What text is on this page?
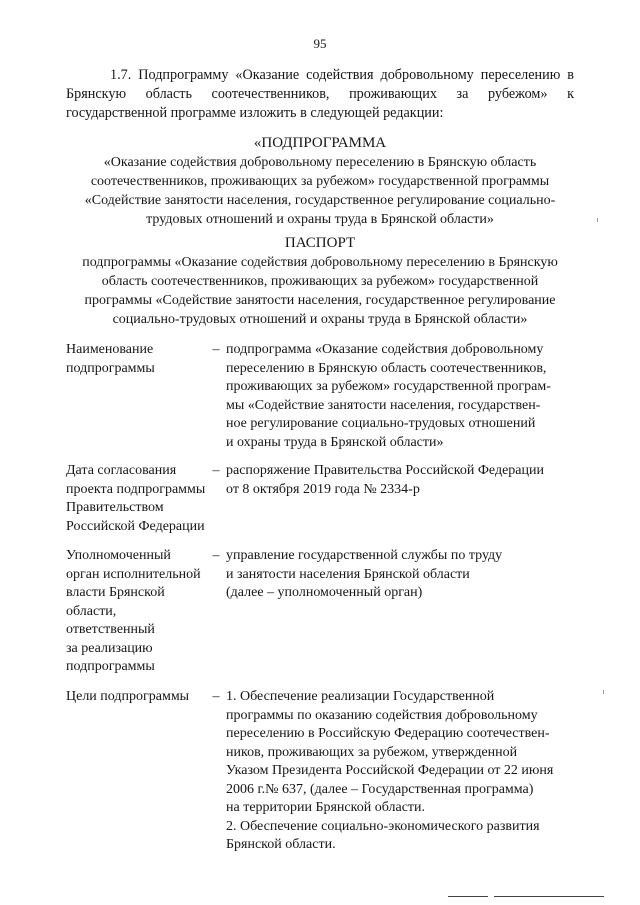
95

1.7. Подпрограмму «Оказание содействия добровольному переселению в Брянскую область соотечественников, проживающих за рубежом» к государственной программе изложить в следующей редакции:

«ПОДПРОГРАММА
«Оказание содействия добровольному переселению в Брянскую область
соотечественников, проживающих за рубежом» государственной программы
«Содействие занятости населения, государственное регулирование социально-
трудовых отношений и охраны труда в Брянской области»
ПАСПОРТ
подпрограммы «Оказание содействия добровольному переселению в Брянскую
область соотечественников, проживающих за рубежом» государственной
программы «Содействие занятости населения, государственное регулирование
социально-трудовых отношений и охраны труда в Брянской области»
Наименование
подпрограммы
– подпрограмма «Оказание содействия добровольному
переселению в Брянскую область соотечественников,
проживающих за рубежом» государственной програм-
мы «Содействие занятости населения, государствен-
ное регулирование социально-трудовых отношений
и охраны труда в Брянской области»
Дата согласования
проекта подпрограммы
Правительством
Российской Федерации
– распоряжение Правительства Российской Федерации
от 8 октября 2019 года № 2334-р
Уполномоченный
орган исполнительной
власти Брянской
области,
ответственный
за реализацию
подпрограммы
– управление государственной службы по труду
и занятости населения Брянской области
(далее – уполномоченный орган)
Цели подпрограммы	– 1. Обеспечение реализации Государственной
программы по оказанию содействия добровольному
переселению в Российскую Федерацию соотечествен-
ников, проживающих за рубежом, утвержденной
Указом Президента Российской Федерации от 22 июня
2006 г.№ 637, (далее – Государственная программа)
на территории Брянской области.
2. Обеспечение социально-экономического развития
Брянской области.
